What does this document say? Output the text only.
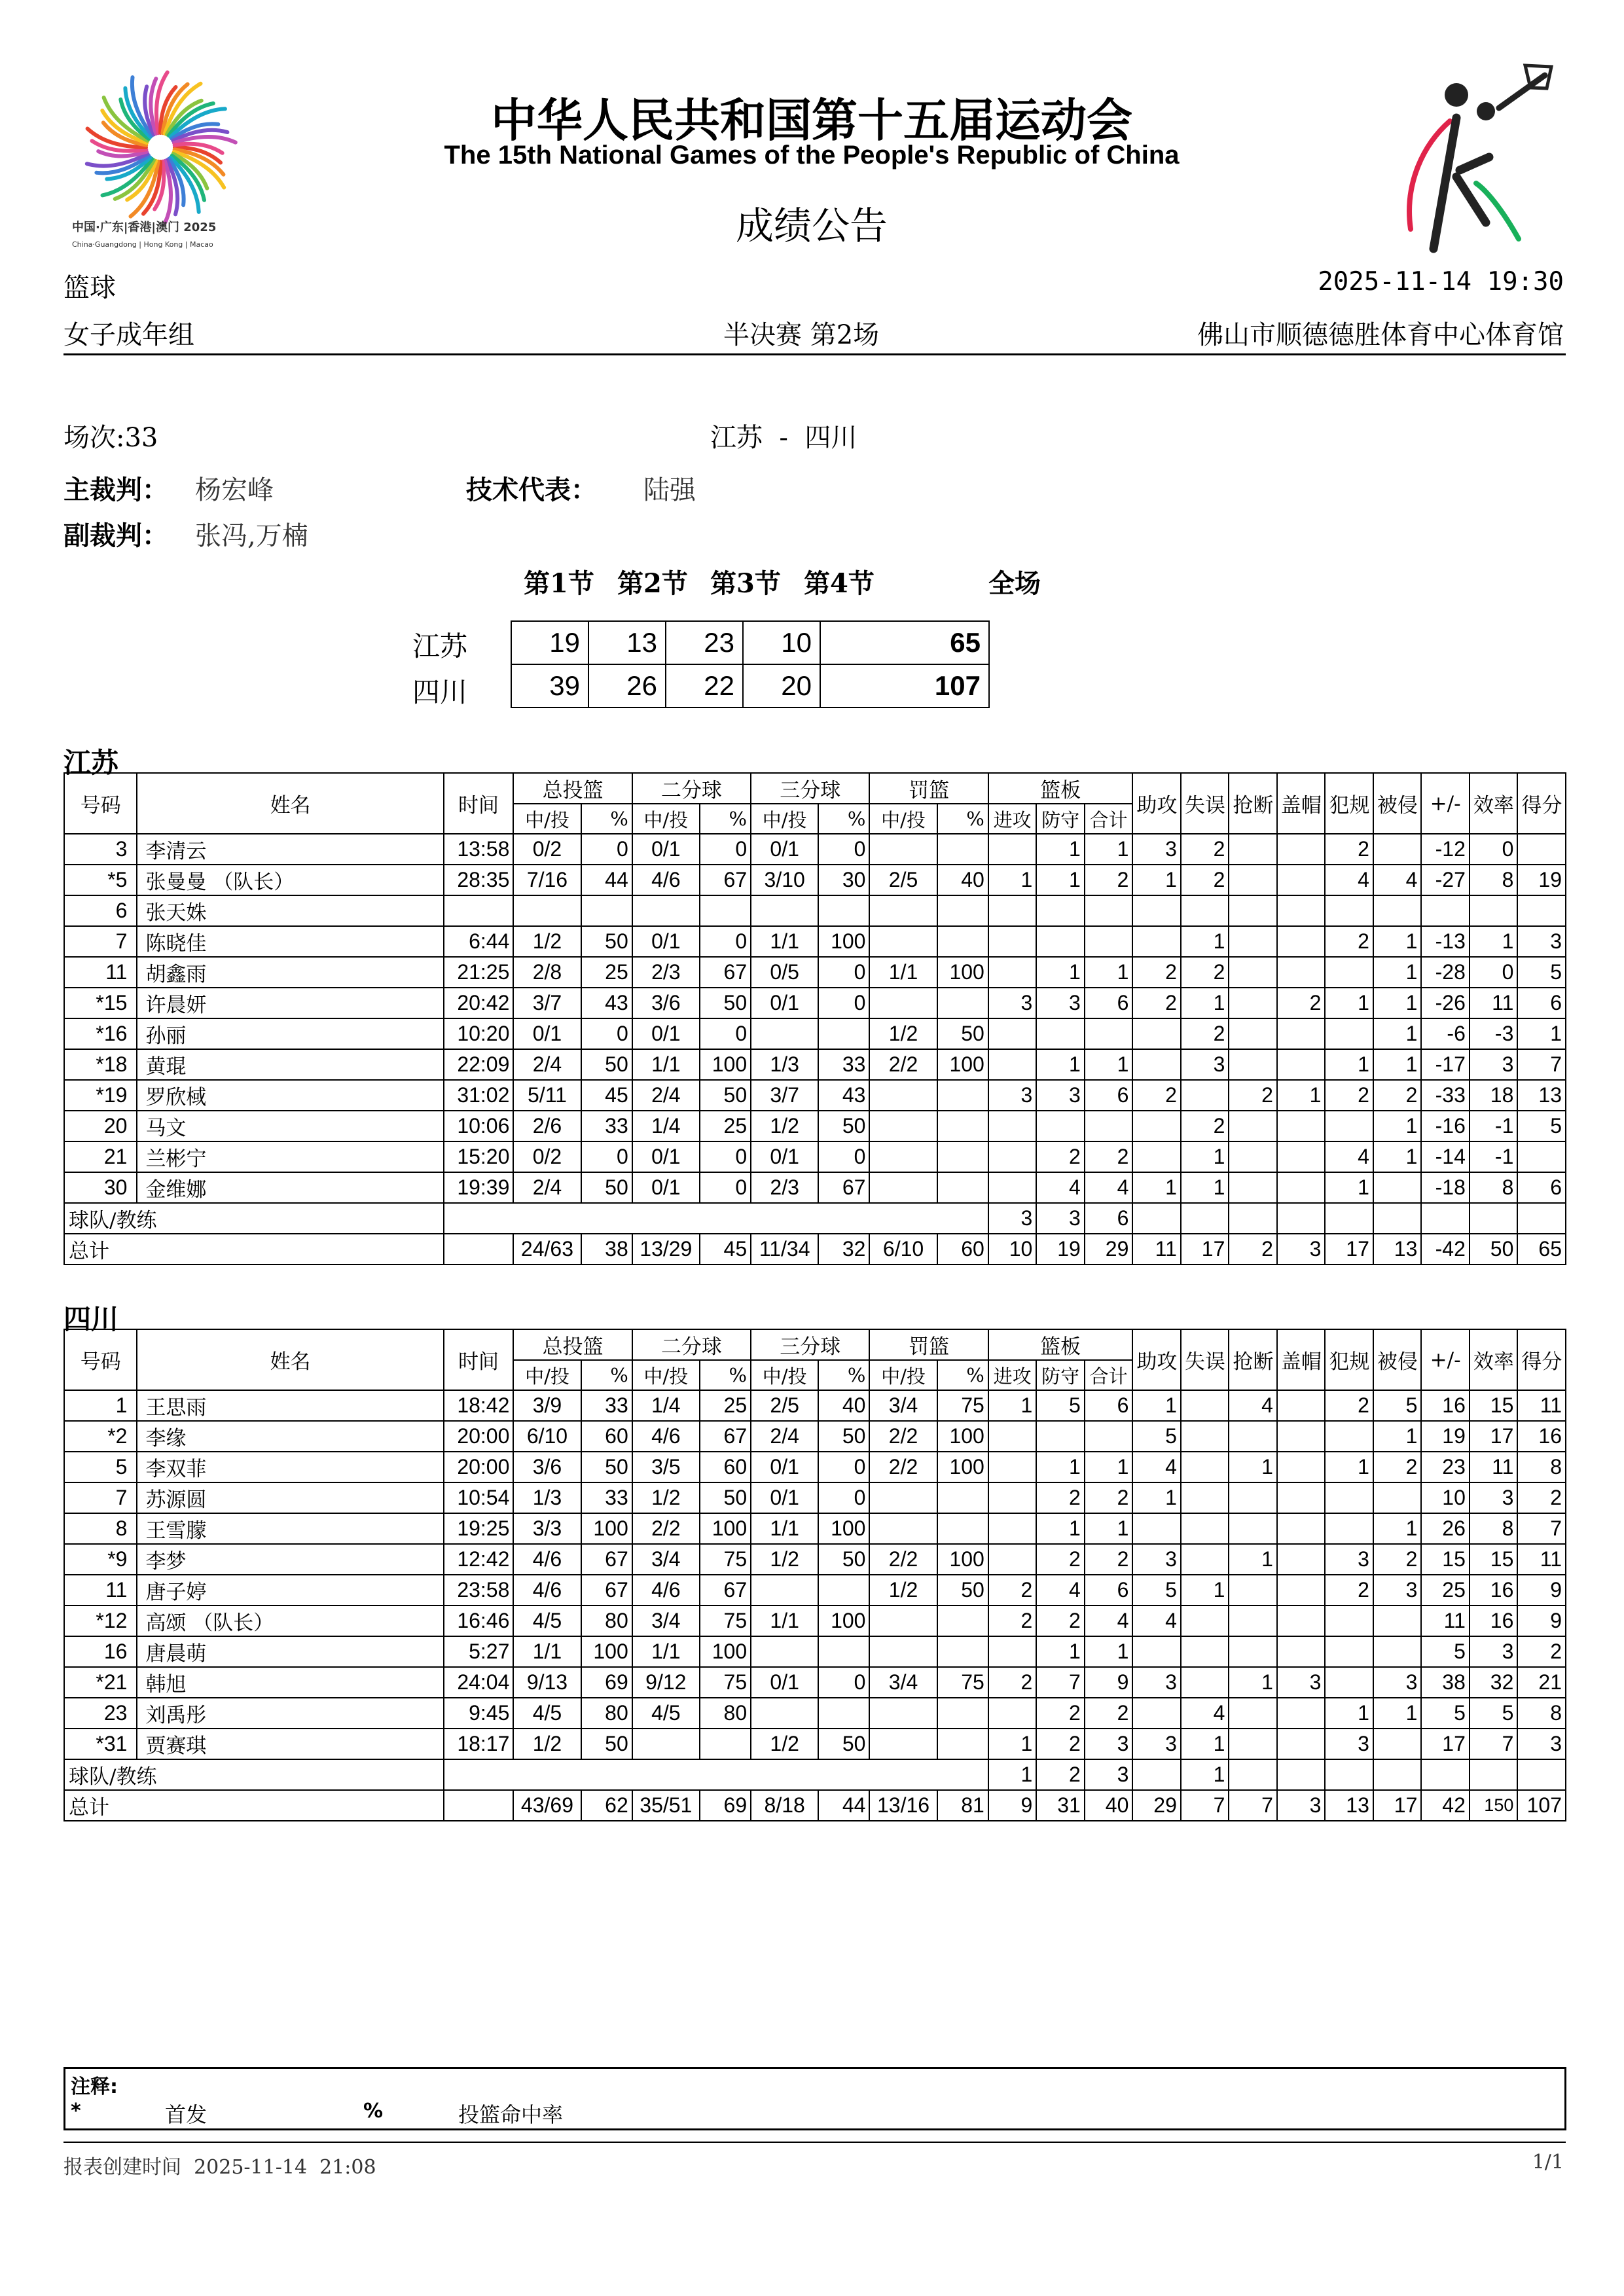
中国·广东|香港|澳门 2025
China·Guangdong | Hong Kong | Macao
中华人民共和国第十五届运动会
The 15th National Games of the People's Republic of China
成绩公告
篮球	2025-11-14 19:30
女子成年组	半决赛 第2场	佛山市顺德德胜体育中心体育馆
场次:33	江苏  -  四川
主裁判： 杨宏峰	技术代表： 陆强
副裁判： 张冯,万楠
第1节 第2节 第3节 第4节	全场
江苏
四川
19	13	23	10	65
39	26	22	20	107
江苏
号码	姓名	时间	总投篮		二分球		三分球		罚篮		篮板			助攻	失误	抢断	盖帽	犯规	被侵	+/-	效率	得分
			中/投	%	中/投	%	中/投	%	中/投	%	进攻	防守	合计									
3	李清云	13:58	0/2	0	0/1	0	0/1	0				1	1	3	2			2		-12	0	
*5	张曼曼 （队长）	28:35	7/16	44	4/6	67	3/10	30	2/5	40	1	1	2	1	2			4	4	-27	8	19
6	张天姝																					
7	陈晓佳	6:44	1/2	50	0/1	0	1/1	100							1			2	1	-13	1	3
11	胡鑫雨	21:25	2/8	25	2/3	67	0/5	0	1/1	100		1	1	2	2				1	-28	0	5
*15	许晨妍	20:42	3/7	43	3/6	50	0/1	0			3	3	6	2	1		2	1	1	-26	11	6
*16	孙丽	10:20	0/1	0	0/1	0			1/2	50					2				1	-6	-3	1
*18	黄琨	22:09	2/4	50	1/1	100	1/3	33	2/2	100		1	1		3			1	1	-17	3	7
*19	罗欣棫	31:02	5/11	45	2/4	50	3/7	43			3	3	6	2		2	1	2	2	-33	18	13
20	马文	10:06	2/6	33	1/4	25	1/2	50							2				1	-16	-1	5
21	兰彬宁	15:20	0/2	0	0/1	0	0/1	0				2	2		1			4	1	-14	-1	
30	金维娜	19:39	2/4	50	0/1	0	2/3	67				4	4	1	1			1		-18	8	6
球队/教练											3	3	6									
总计			24/63	38	13/29	45	11/34	32	6/10	60	10	19	29	11	17	2	3	17	13	-42	50	65
四川
号码	姓名	时间	总投篮		二分球		三分球		罚篮		篮板			助攻	失误	抢断	盖帽	犯规	被侵	+/-	效率	得分
			中/投	%	中/投	%	中/投	%	中/投	%	进攻	防守	合计									
1	王思雨	18:42	3/9	33	1/4	25	2/5	40	3/4	75	1	5	6	1		4		2	5	16	15	11
*2	李缘	20:00	6/10	60	4/6	67	2/4	50	2/2	100				5					1	19	17	16
5	李双菲	20:00	3/6	50	3/5	60	0/1	0	2/2	100		1	1	4		1		1	2	23	11	8
7	苏源圆	10:54	1/3	33	1/2	50	0/1	0				2	2	1						10	3	2
8	王雪朦	19:25	3/3	100	2/2	100	1/1	100				1	1						1	26	8	7
*9	李梦	12:42	4/6	67	3/4	75	1/2	50	2/2	100		2	2	3		1		3	2	15	15	11
11	唐子婷	23:58	4/6	67	4/6	67			1/2	50	2	4	6	5	1			2	3	25	16	9
*12	高颂 （队长）	16:46	4/5	80	3/4	75	1/1	100			2	2	4	4						11	16	9
16	唐晨萌	5:27	1/1	100	1/1	100						1	1							5	3	2
*21	韩旭	24:04	9/13	69	9/12	75	0/1	0	3/4	75	2	7	9	3		1	3		3	38	32	21
23	刘禹彤	9:45	4/5	80	4/5	80						2	2		4			1	1	5	5	8
*31	贾赛琪	18:17	1/2	50			1/2	50			1	2	3	3	1			3		17	7	3
球队/教练											1	2	3		1							
总计			43/69	62	35/51	69	8/18	44	13/16	81	9	31	40	29	7	7	3	13	17	42	150	107
注释:
*	首发	%	投篮命中率
报表创建时间  2025-11-14  21:08	1/1
